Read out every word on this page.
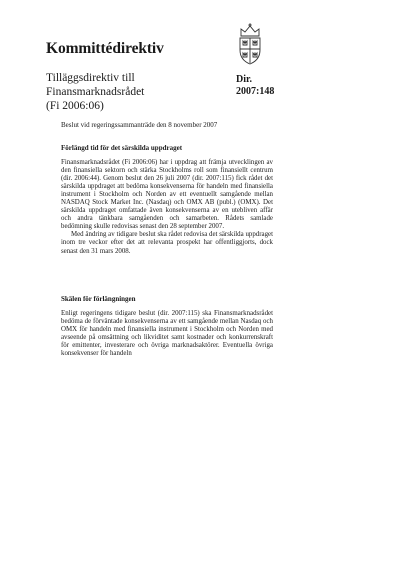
Kommittédirektiv
Tilläggsdirektiv till Finansmarknadsrådet
(Fi 2006:06)
Dir.
2007:148
Beslut vid regeringssammanträde den 8 november 2007
Förlängd tid för det särskilda uppdraget

Finansmarknadsrådet (Fi 2006:06) har i uppdrag att främja utvecklingen av den finansiella sektorn och stärka Stockholms roll som finansiellt centrum (dir. 2006:44). Genom beslut den 26 juli 2007 (dir. 2007:115) fick rådet det särskilda uppdraget att bedöma konsekvenserna för handeln med finansiella instrument i Stockholm och Norden av ett eventuellt samgående mellan NASDAQ Stock Market Inc. (Nasdaq) och OMX AB (publ.) (OMX). Det särskilda uppdraget omfattade även konsekvenserna av en utebliven affär och andra tänkbara samgåenden och samarbeten. Rådets samlade bedömning skulle redovisas senast den 28 september 2007.

Med ändring av tidigare beslut ska rådet redovisa det särskilda uppdraget inom tre veckor efter det att relevanta prospekt har offentliggjorts, dock senast den 31 mars 2008.

Skälen för förlängningen

Enligt regeringens tidigare beslut (dir. 2007:115) ska Finansmarknadsrådet bedöma de förväntade konsekvenserna av ett samgående mellan Nasdaq och OMX för handeln med finansiella instrument i Stockholm och Norden med avseende på omsättning och likviditet samt kostnader och konkurrenskraft för emittenter, investerare och övriga marknadsaktörer. Eventuella övriga konsekvenser för handeln
